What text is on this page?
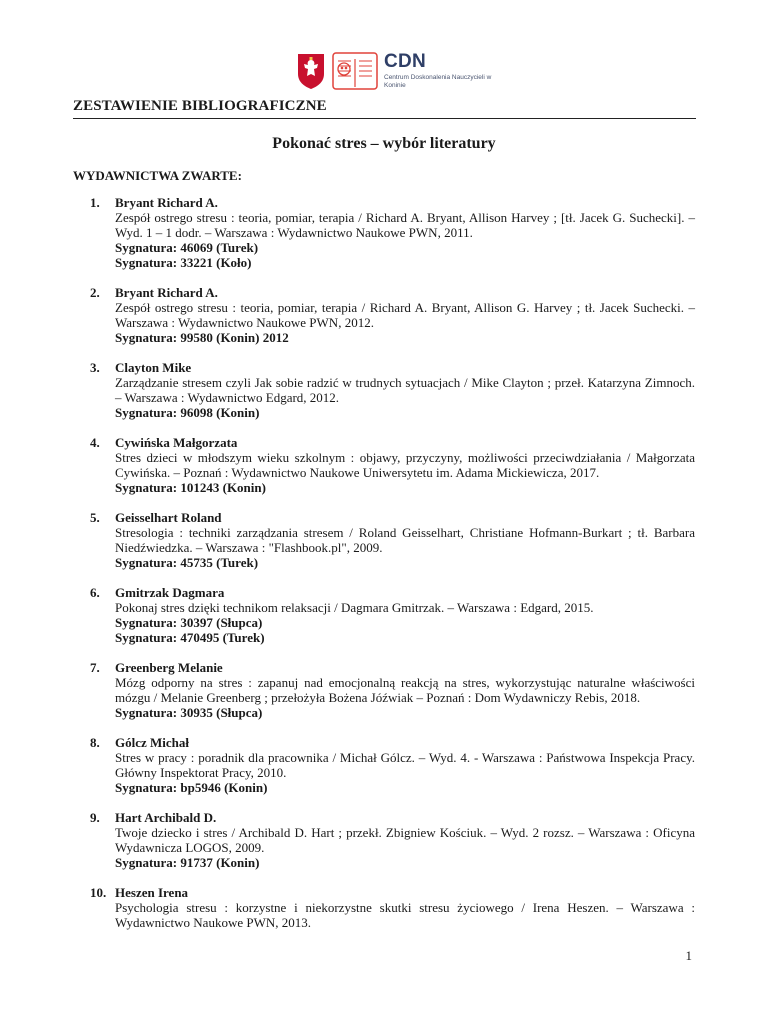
CDN
Centrum Doskonalenia Nauczycieli w Koninie
ZESTAWIENIE BIBLIOGRAFICZNE
Pokonać stres – wybór literatury
WYDAWNICTWA ZWARTE:
1.	Bryant Richard A.
Zespół ostrego stresu : teoria, pomiar, terapia / Richard A. Bryant, Allison Harvey ; [tł. Jacek G. Suchecki]. – Wyd. 1 – 1 dodr. – Warszawa : Wydawnictwo Naukowe PWN, 2011.
Sygnatura: 46069 (Turek)
Sygnatura: 33221 (Koło)
2.	Bryant Richard A.
Zespół ostrego stresu : teoria, pomiar, terapia / Richard A. Bryant, Allison G. Harvey ; tł. Jacek Suchecki. – Warszawa : Wydawnictwo Naukowe PWN, 2012.
Sygnatura: 99580 (Konin) 2012
3.	Clayton Mike
Zarządzanie stresem czyli Jak sobie radzić w trudnych sytuacjach / Mike Clayton ; przeł. Katarzyna Zimnoch. – Warszawa : Wydawnictwo Edgard, 2012.
Sygnatura: 96098 (Konin)
4.	Cywińska Małgorzata
Stres dzieci w młodszym wieku szkolnym : objawy, przyczyny, możliwości przeciwdziałania / Małgorzata Cywińska. – Poznań : Wydawnictwo Naukowe Uniwersytetu im. Adama Mickiewicza, 2017.
Sygnatura: 101243 (Konin)
5.	Geisselhart Roland
Stresologia : techniki zarządzania stresem / Roland Geisselhart, Christiane Hofmann-Burkart ; tł. Barbara Niedźwiedzka. – Warszawa : "Flashbook.pl", 2009.
Sygnatura: 45735 (Turek)
6.	Gmitrzak Dagmara
Pokonaj stres dzięki technikom relaksacji / Dagmara Gmitrzak. – Warszawa : Edgard, 2015.
Sygnatura: 30397 (Słupca)
Sygnatura: 470495 (Turek)
7.	Greenberg Melanie
Mózg odporny na stres : zapanuj nad emocjonalną reakcją na stres, wykorzystując naturalne właściwości mózgu / Melanie Greenberg ; przełożyła Bożena Jóźwiak – Poznań : Dom Wydawniczy Rebis, 2018.
Sygnatura: 30935 (Słupca)
8.	Gólcz Michał
Stres w pracy : poradnik dla pracownika / Michał Gólcz. – Wyd. 4. - Warszawa : Państwowa Inspekcja Pracy. Główny Inspektorat Pracy, 2010.
Sygnatura: bp5946 (Konin)
9.	Hart Archibald D.
Twoje dziecko i stres / Archibald D. Hart ; przekł. Zbigniew Kościuk. – Wyd. 2 rozsz. – Warszawa : Oficyna Wydawnicza LOGOS, 2009.
Sygnatura: 91737 (Konin)
10. Heszen Irena
Psychologia stresu : korzystne i niekorzystne skutki stresu życiowego / Irena Heszen. – Warszawa : Wydawnictwo Naukowe PWN, 2013.
1
